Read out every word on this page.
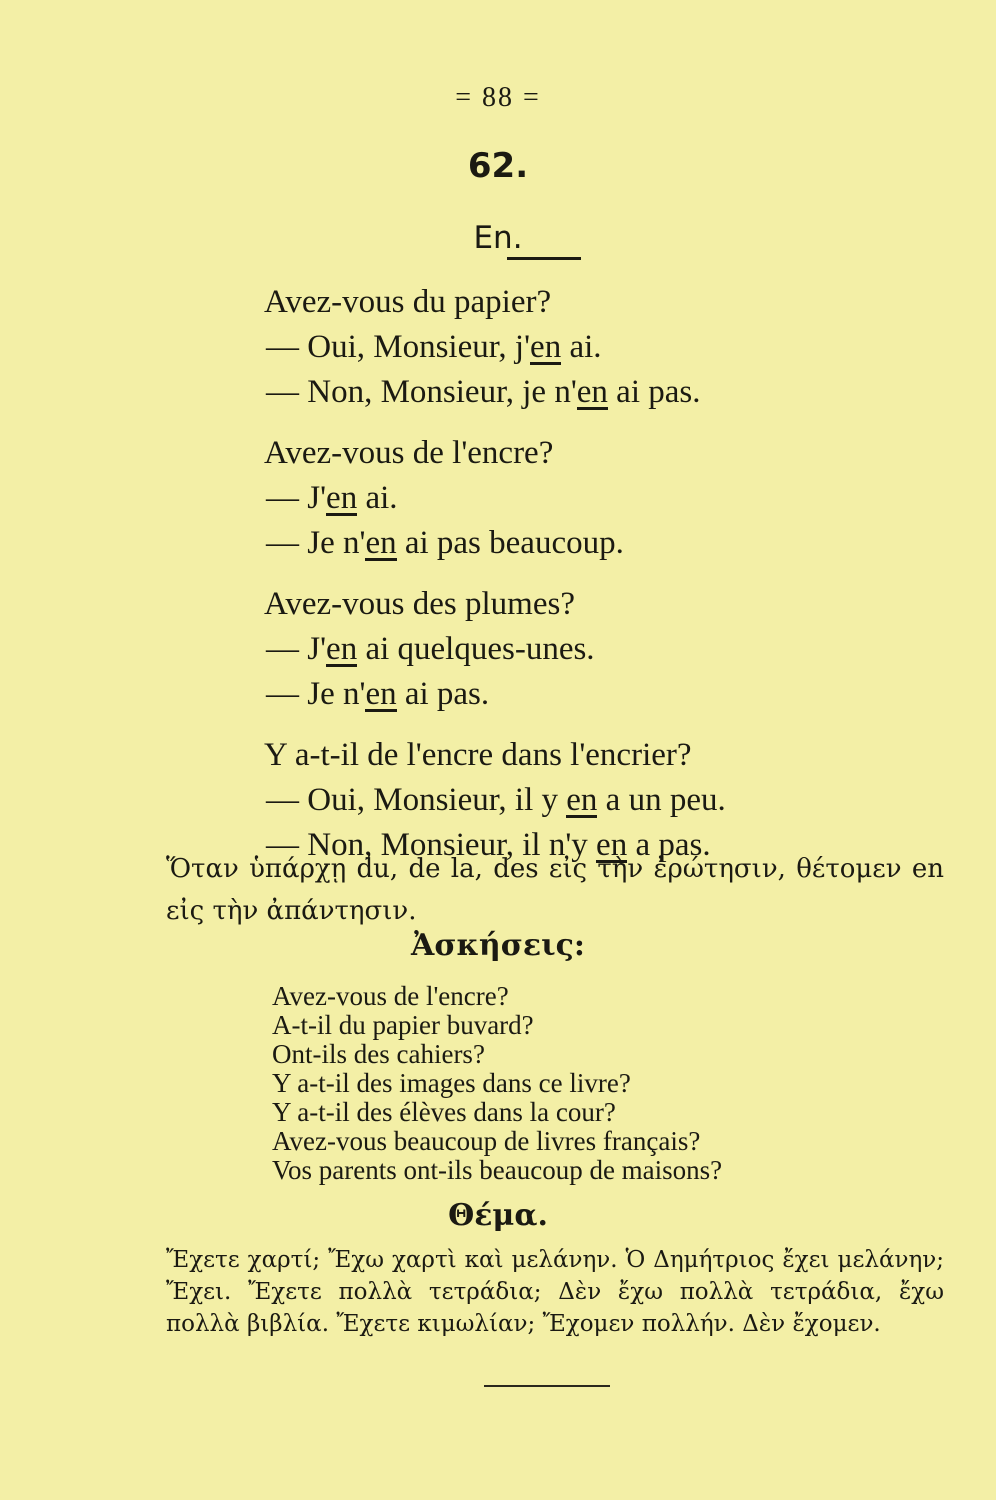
= 88 =
62.
En.
Avez-vous du papier?
— Oui, Monsieur, j'en ai.
— Non, Monsieur, je n'en ai pas.
Avez-vous de l'encre?
— J'en ai.
— Je n'en ai pas beaucoup.
Avez-vous des plumes?
— J'en ai quelques-unes.
— Je n'en ai pas.
Y a-t-il de l'encre dans l'encrier?
— Oui, Monsieur, il y en a un peu.
— Non, Monsieur, il n'y en a pas.
Ὅταν ὑπάρχῃ du, de la, des εἰς τὴν ἐρώτησιν, θέτομεν en εἰς τὴν ἀπάντησιν.
Ἀσκήσεις:
Avez-vous de l'encre?
A-t-il du papier buvard?
Ont-ils des cahiers?
Y a-t-il des images dans ce livre?
Y a-t-il des élèves dans la cour?
Avez-vous beaucoup de livres français?
Vos parents ont-ils beaucoup de maisons?
Θέμα.
Ἔχετε χαρτί; Ἔχω χαρτὶ καὶ μελάνην. Ὁ Δημήτριος ἔχει μελάνην; Ἔχει. Ἔχετε πολλὰ τετράδια; Δὲν ἔχω πολλὰ τετράδια, ἔχω πολλὰ βιβλία. Ἔχετε κιμωλίαν; Ἔχομεν πολλήν. Δὲν ἔχομεν.
